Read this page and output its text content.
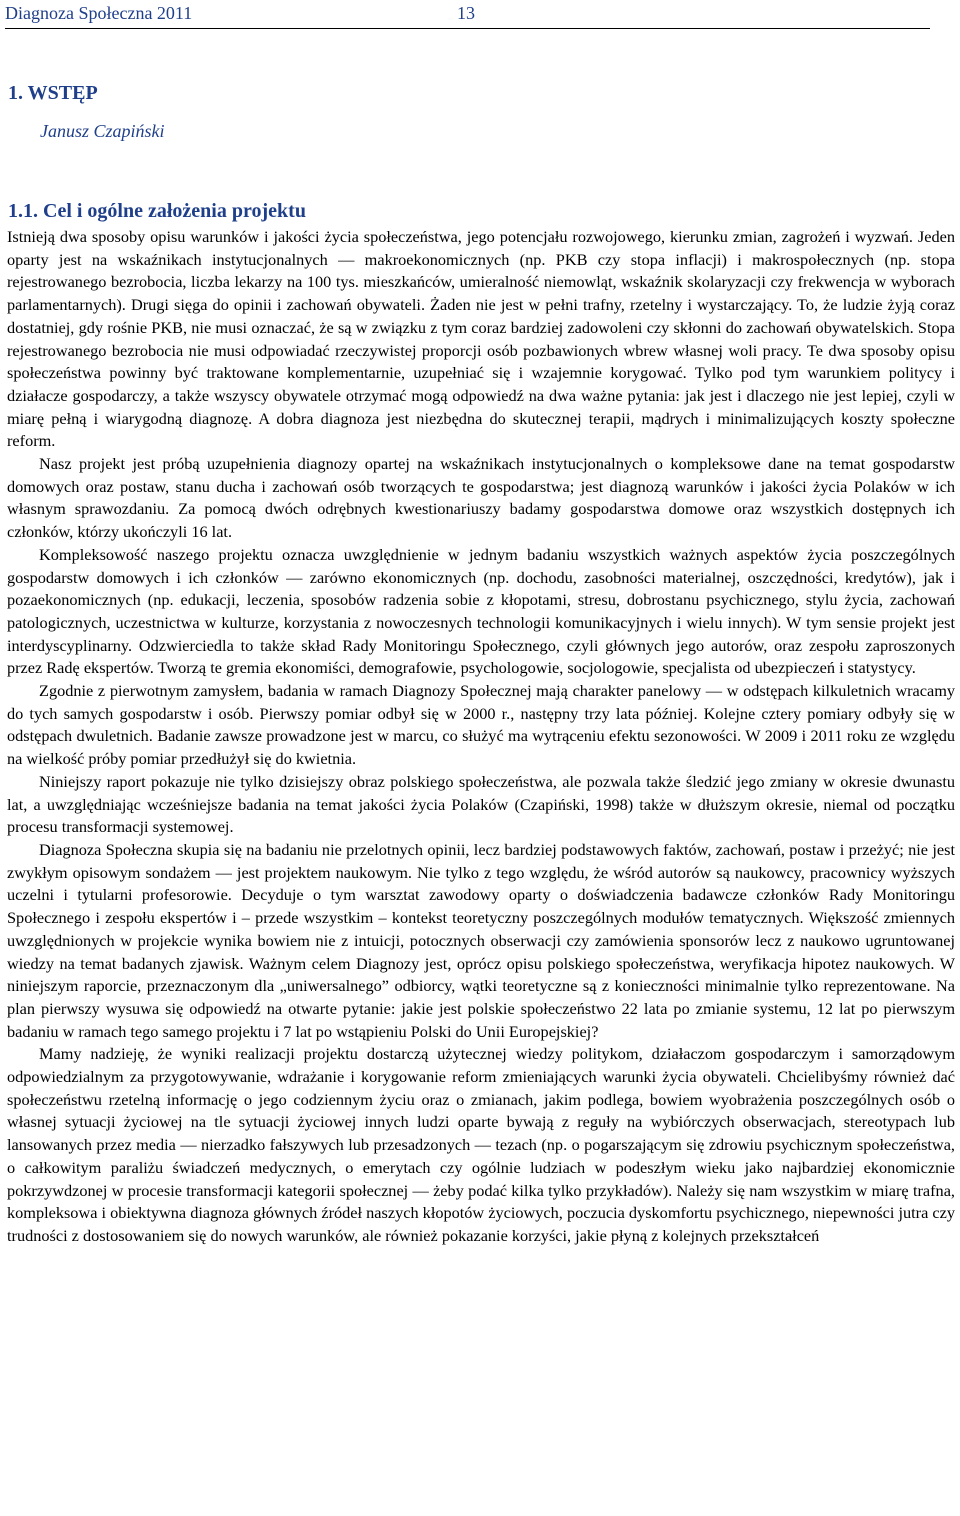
Diagnoza Społeczna 2011	13
1. WSTĘP
Janusz Czapiński
1.1. Cel i ogólne założenia projektu

Istnieją dwa sposoby opisu warunków i jakości życia społeczeństwa, jego potencjału rozwojowego, kierunku zmian, zagrożeń i wyzwań. Jeden oparty jest na wskaźnikach instytucjonalnych — makroekonomicznych (np. PKB czy stopa inflacji) i makrospołecznych (np. stopa rejestrowanego bezrobocia, liczba lekarzy na 100 tys. mieszkańców, umieralność niemowląt, wskaźnik skolaryzacji czy frekwencja w wyborach parlamentarnych). Drugi sięga do opinii i zachowań obywateli. Żaden nie jest w pełni trafny, rzetelny i wystarczający. To, że ludzie żyją coraz dostatniej, gdy rośnie PKB, nie musi oznaczać, że są w związku z tym coraz bardziej zadowoleni czy skłonni do zachowań obywatelskich. Stopa rejestrowanego bezrobocia nie musi odpowiadać rzeczywistej proporcji osób pozbawionych wbrew własnej woli pracy. Te dwa sposoby opisu społeczeństwa powinny być traktowane komplementarnie, uzupełniać się i wzajemnie korygować. Tylko pod tym warunkiem politycy i działacze gospodarczy, a także wszyscy obywatele otrzymać mogą odpowiedź na dwa ważne pytania: jak jest i dlaczego nie jest lepiej, czyli w miarę pełną i wiarygodną diagnozę. A dobra diagnoza jest niezbędna do skutecznej terapii, mądrych i minimalizujących koszty społeczne reform.

Nasz projekt jest próbą uzupełnienia diagnozy opartej na wskaźnikach instytucjonalnych o kompleksowe dane na temat gospodarstw domowych oraz postaw, stanu ducha i zachowań osób tworzących te gospodarstwa; jest diagnozą warunków i jakości życia Polaków w ich własnym sprawozdaniu. Za pomocą dwóch odrębnych kwestionariuszy badamy gospodarstwa domowe oraz wszystkich dostępnych ich członków, którzy ukończyli 16 lat.

Kompleksowość naszego projektu oznacza uwzględnienie w jednym badaniu wszystkich ważnych aspektów życia poszczególnych gospodarstw domowych i ich członków — zarówno ekonomicznych (np. dochodu, zasobności materialnej, oszczędności, kredytów), jak i pozaekonomicznych (np. edukacji, leczenia, sposobów radzenia sobie z kłopotami, stresu, dobrostanu psychicznego, stylu życia, zachowań patologicznych, uczestnictwa w kulturze, korzystania z nowoczesnych technologii komunikacyjnych i wielu innych). W tym sensie projekt jest interdyscyplinarny. Odzwierciedla to także skład Rady Monitoringu Społecznego, czyli głównych jego autorów, oraz zespołu zaproszonych przez Radę ekspertów. Tworzą te gremia ekonomiści, demografowie, psychologowie, socjologowie, specjalista od ubezpieczeń i statystycy.

Zgodnie z pierwotnym zamysłem, badania w ramach Diagnozy Społecznej mają charakter panelowy — w odstępach kilkuletnich wracamy do tych samych gospodarstw i osób. Pierwszy pomiar odbył się w 2000 r., następny trzy lata później. Kolejne cztery pomiary odbyły się w odstępach dwuletnich. Badanie zawsze prowadzone jest w marcu, co służyć ma wytrąceniu efektu sezonowości. W 2009 i 2011 roku ze względu na wielkość próby pomiar przedłużył się do kwietnia.

Niniejszy raport pokazuje nie tylko dzisiejszy obraz polskiego społeczeństwa, ale pozwala także śledzić jego zmiany w okresie dwunastu lat, a uwzględniając wcześniejsze badania na temat jakości życia Polaków (Czapiński, 1998) także w dłuższym okresie, niemal od początku procesu transformacji systemowej.

Diagnoza Społeczna skupia się na badaniu nie przelotnych opinii, lecz bardziej podstawowych faktów, zachowań, postaw i przeżyć; nie jest zwykłym opisowym sondażem — jest projektem naukowym. Nie tylko z tego względu, że wśród autorów są naukowcy, pracownicy wyższych uczelni i tytularni profesorowie. Decyduje o tym warsztat zawodowy oparty o doświadczenia badawcze członków Rady Monitoringu Społecznego i zespołu ekspertów i – przede wszystkim – kontekst teoretyczny poszczególnych modułów tematycznych. Większość zmiennych uwzględnionych w projekcie wynika bowiem nie z intuicji, potocznych obserwacji czy zamówienia sponsorów lecz z naukowo ugruntowanej wiedzy na temat badanych zjawisk. Ważnym celem Diagnozy jest, oprócz opisu polskiego społeczeństwa, weryfikacja hipotez naukowych. W niniejszym raporcie, przeznaczonym dla „uniwersalnego” odbiorcy, wątki teoretyczne są z konieczności minimalnie tylko reprezentowane. Na plan pierwszy wysuwa się odpowiedź na otwarte pytanie: jakie jest polskie społeczeństwo 22 lata po zmianie systemu, 12 lat po pierwszym badaniu w ramach tego samego projektu i 7 lat po wstąpieniu Polski do Unii Europejskiej?

Mamy nadzieję, że wyniki realizacji projektu dostarczą użytecznej wiedzy politykom, działaczom gospodarczym i samorządowym odpowiedzialnym za przygotowywanie, wdrażanie i korygowanie reform zmieniających warunki życia obywateli. Chcielibyśmy również dać społeczeństwu rzetelną informację o jego codziennym życiu oraz o zmianach, jakim podlega, bowiem wyobrażenia poszczególnych osób o własnej sytuacji życiowej na tle sytuacji życiowej innych ludzi oparte bywają z reguły na wybiórczych obserwacjach, stereotypach lub lansowanych przez media — nierzadko fałszywych lub przesadzonych — tezach (np. o pogarszającym się zdrowiu psychicznym społeczeństwa, o całkowitym paraliżu świadczeń medycznych, o emerytach czy ogólnie ludziach w podeszłym wieku jako najbardziej ekonomicznie pokrzywdzonej w procesie transformacji kategorii społecznej — żeby podać kilka tylko przykładów). Należy się nam wszystkim w miarę trafna, kompleksowa i obiektywna diagnoza głównych źródeł naszych kłopotów życiowych, poczucia dyskomfortu psychicznego, niepewności jutra czy trudności z dostosowaniem się do nowych warunków, ale również pokazanie korzyści, jakie płyną z kolejnych przekształceń
